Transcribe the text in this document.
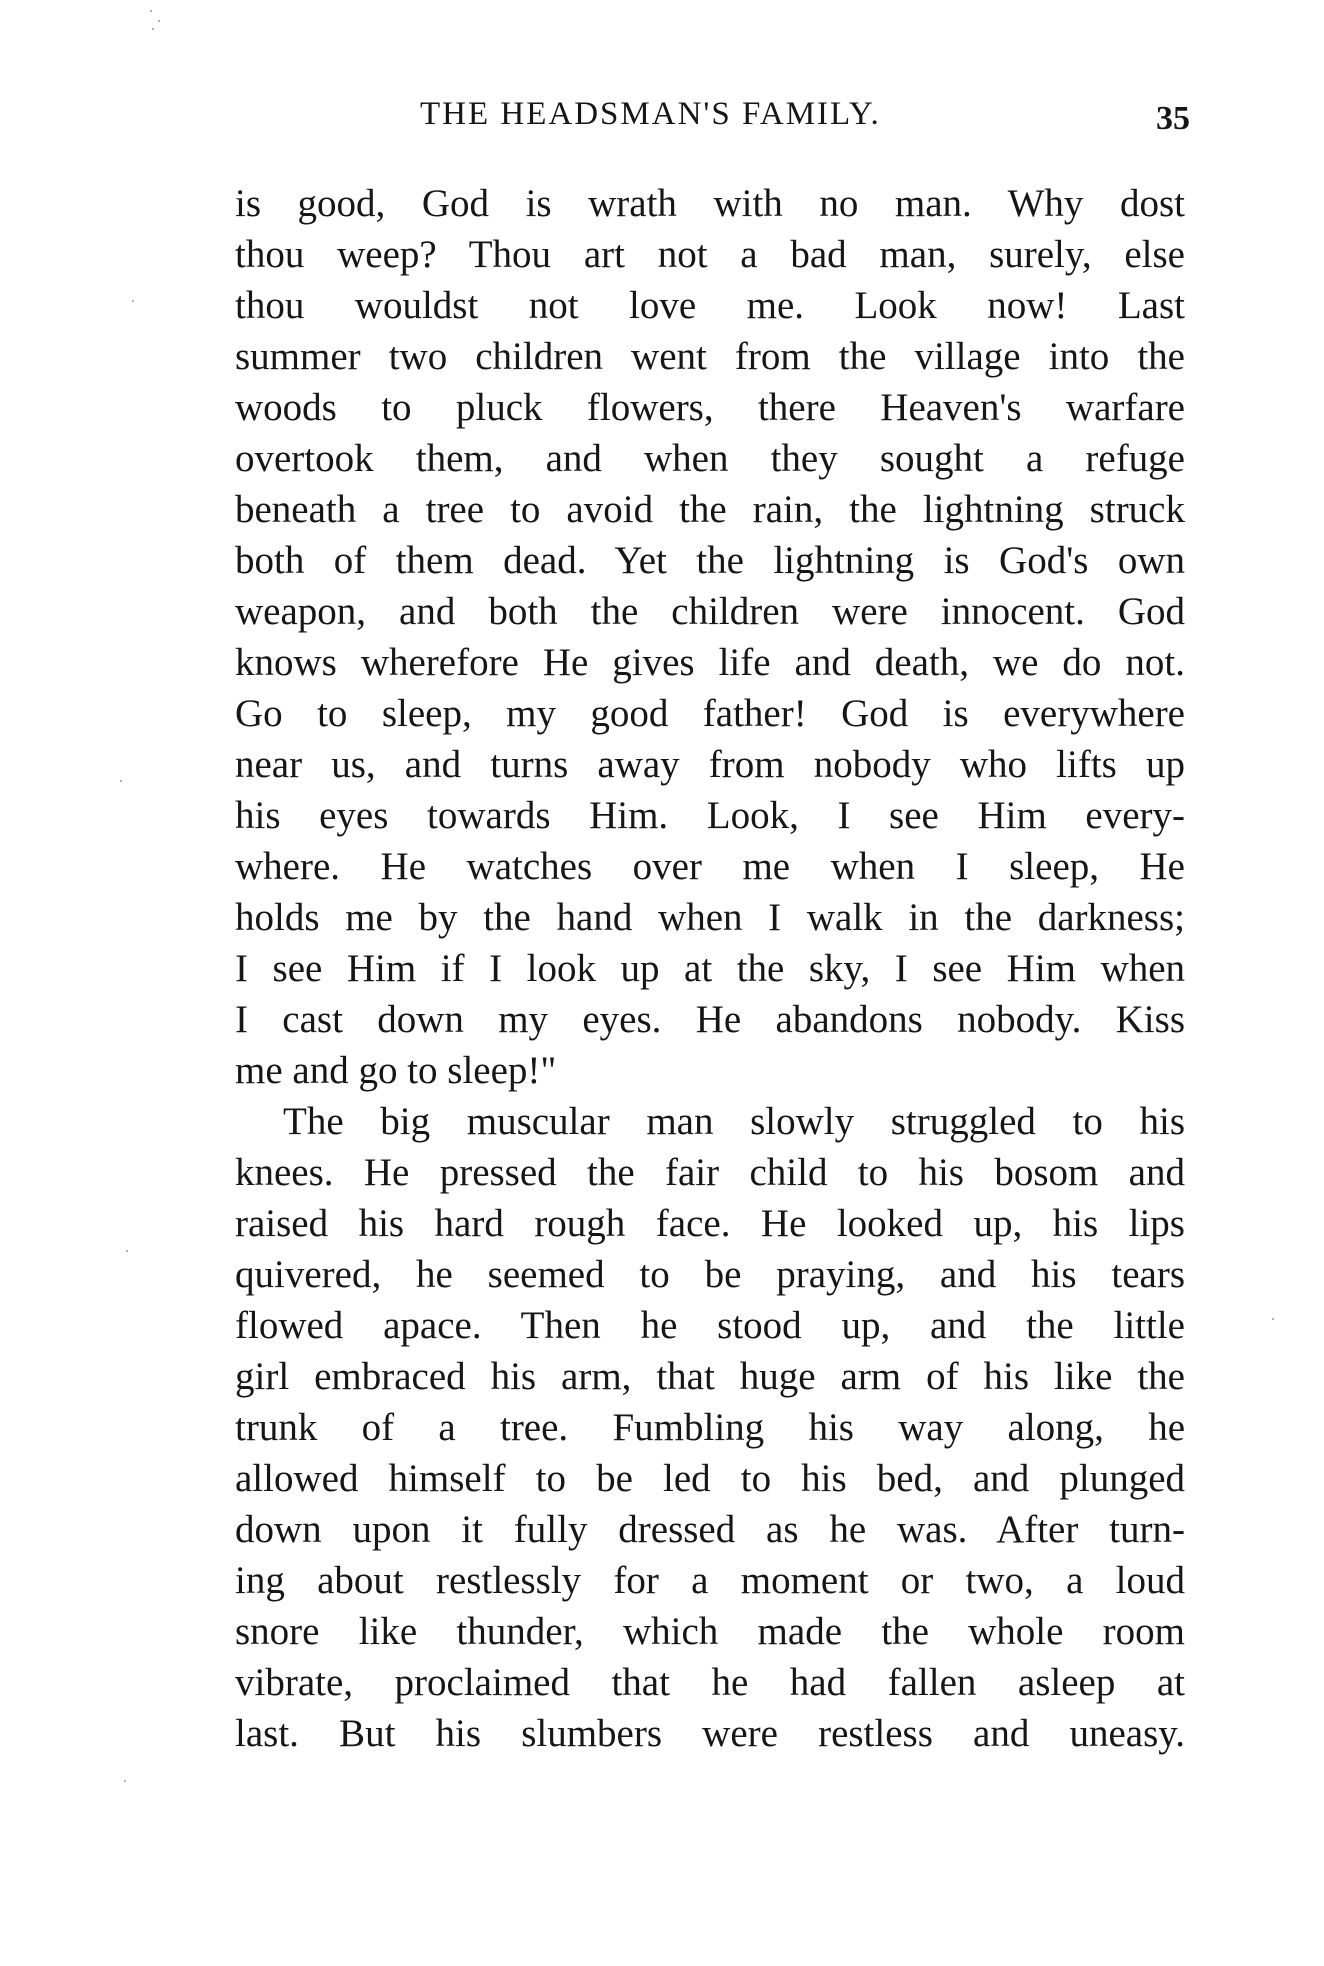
THE HEADSMAN'S FAMILY.	35
is good, God is wrath with no man. Why dost
thou weep? Thou art not a bad man, surely, else
thou wouldst not love me. Look now! Last
summer two children went from the village into the
woods to pluck flowers, there Heaven's warfare
overtook them, and when they sought a refuge
beneath a tree to avoid the rain, the lightning struck
both of them dead. Yet the lightning is God's own
weapon, and both the children were innocent. God
knows wherefore He gives life and death, we do not.
Go to sleep, my good father! God is everywhere
near us, and turns away from nobody who lifts up
his eyes towards Him. Look, I see Him every-
where. He watches over me when I sleep, He
holds me by the hand when I walk in the darkness;
I see Him if I look up at the sky, I see Him when
I cast down my eyes. He abandons nobody. Kiss
me and go to sleep!"
The big muscular man slowly struggled to his
knees. He pressed the fair child to his bosom and
raised his hard rough face. He looked up, his lips
quivered, he seemed to be praying, and his tears
flowed apace. Then he stood up, and the little
girl embraced his arm, that huge arm of his like the
trunk of a tree. Fumbling his way along, he
allowed himself to be led to his bed, and plunged
down upon it fully dressed as he was. After turn-
ing about restlessly for a moment or two, a loud
snore like thunder, which made the whole room
vibrate, proclaimed that he had fallen asleep at
last. But his slumbers were restless and uneasy.
